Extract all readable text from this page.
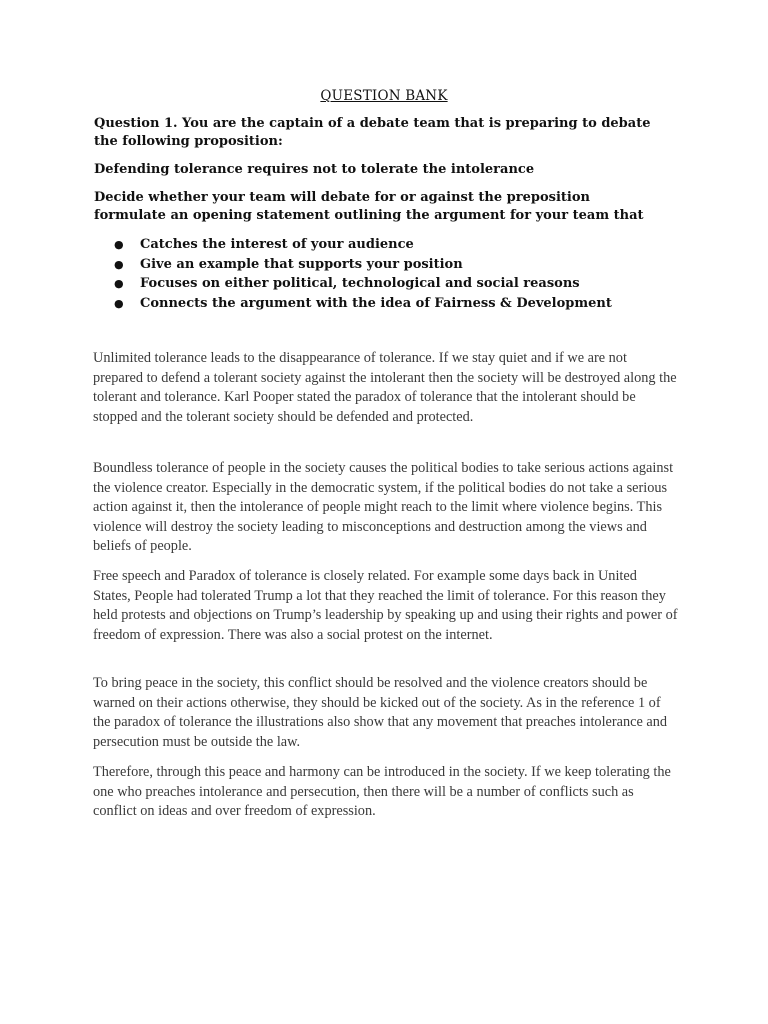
QUESTION BANK
Question 1. You are the captain of a debate team that is preparing to debate the following proposition:
Defending tolerance requires not to tolerate the intolerance
Decide whether your team will debate for or against the preposition formulate an opening statement outlining the argument for your team that
● Catches the interest of your audience
● Give an example that supports your position
● Focuses on either political, technological and social reasons
● Connects the argument with the idea of Fairness & Development

Unlimited tolerance leads to the disappearance of tolerance. If we stay quiet and if we are not prepared to defend a tolerant society against the intolerant then the society will be destroyed along the tolerant and tolerance. Karl Pooper stated the paradox of tolerance that the intolerant should be stopped and the tolerant society should be defended and protected.

Boundless tolerance of people in the society causes the political bodies to take serious actions against the violence creator. Especially in the democratic system, if the political bodies do not take a serious action against it, then the intolerance of people might reach to the limit where violence begins. This violence will destroy the society leading to misconceptions and destruction among the views and beliefs of people.

Free speech and Paradox of tolerance is closely related. For example some days back in United States, People had tolerated Trump a lot that they reached the limit of tolerance. For this reason they held protests and objections on Trump’s leadership by speaking up and using their rights and power of freedom of expression. There was also a social protest on the internet.

To bring peace in the society, this conflict should be resolved and the violence creators should be warned on their actions otherwise, they should be kicked out of the society. As in the reference 1 of the paradox of tolerance the illustrations also show that any movement that preaches intolerance and persecution must be outside the law.

Therefore, through this peace and harmony can be introduced in the society. If we keep tolerating the one who preaches intolerance and persecution, then there will be a number of conflicts such as conflict on ideas and over freedom of expression.
